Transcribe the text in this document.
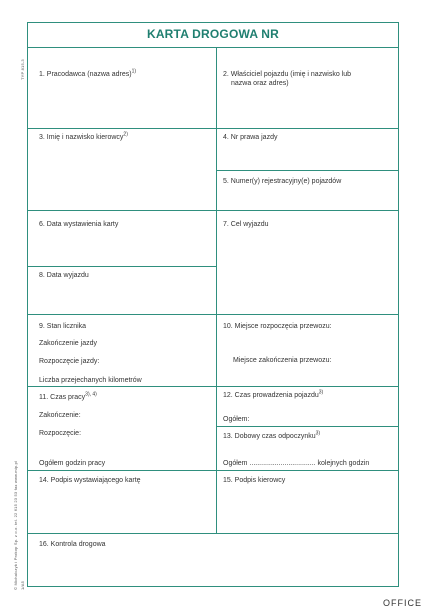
KARTA DROGOWA NR
1. Pracodawca (nazwa adres)$^{1)}$	2. Właściciel pojazdu (imię i nazwisko lub
nazwa oraz adres)
3. Imię i nazwisko kierowcy$^{2)}$	4. Nr prawa jazdy
5. Numer(y) rejestracyjny(e) pojazdów
6. Data wystawienia karty	7. Cel wyjazdu
8. Data wyjazdu
9. Stan licznika
Zakończenie jazdy
Rozpoczęcie jazdy:
Liczba przejechanych kilometrów
10. Miejsce rozpoczęcia przewozu:
Miejsce zakończenia przewozu:
11. Czas pracy$^{3), 4)}$
Zakończenie:
Rozpoczęcie:
Ogółem godzin pracy
12. Czas prowadzenia pojazdu$^{3)}$
Ogółem:
13. Dobowy czas odpoczynku$^{3)}$
Ogółem .................................. kolejnych godzin
14. Podpis wystawiającego kartę	15. Podpis kierowcy
16. Kontrola drogowa
TYP 815-3
© Michalczyk i Prokop Sp. z o.o. tel. 22 615 23 53 fax www.mip.pl 1/A5
OFFICE
